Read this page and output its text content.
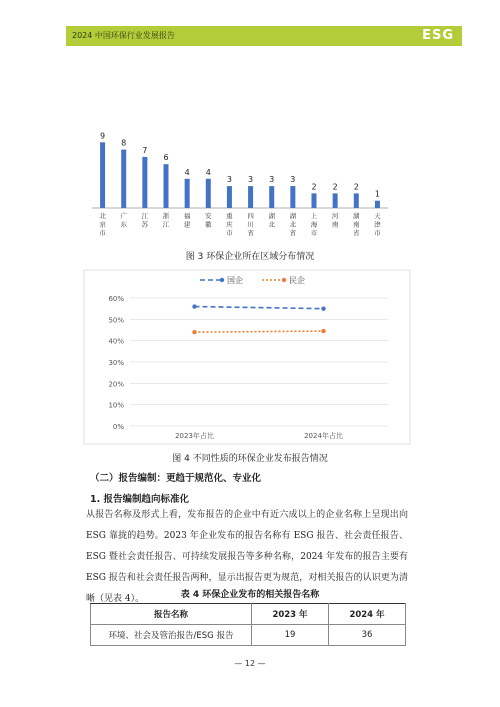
2024 中国环保行业发展报告	ESG
9
北京市
8
广东
7
江苏
6
浙江
4
福建
4
安徽
3
重庆市
3
四川省
3
湖北
3
湖北省
2
上海市
2
河南
2
湖南省
1
天津市
图 3 环保企业所在区域分布情况
0%
10%
20%
30%
40%
50%
60%
2023年占比	2024年占比
国企	民企
图 4 不同性质的环保企业发布报告情况
（二）报告编制：更趋于规范化、专业化
1. 报告编制趋向标准化
从报告名称及形式上看，发布报告的企业中有近六成以上的企业名称上呈现出向 ESG 靠拢的趋势。2023 年企业发布的报告名称有 ESG 报告、社会责任报告、ESG 暨社会责任报告、可持续发展报告等多种名称，2024 年发布的报告主要有 ESG 报告和社会责任报告两种，显示出报告更为规范，对相关报告的认识更为清晰（见表 4）。	表 4 环保企业发布的相关报告名称
报告名称	2023 年	2024 年
环境、社会及管治报告/ESG 报告	19	36
— 12 —
